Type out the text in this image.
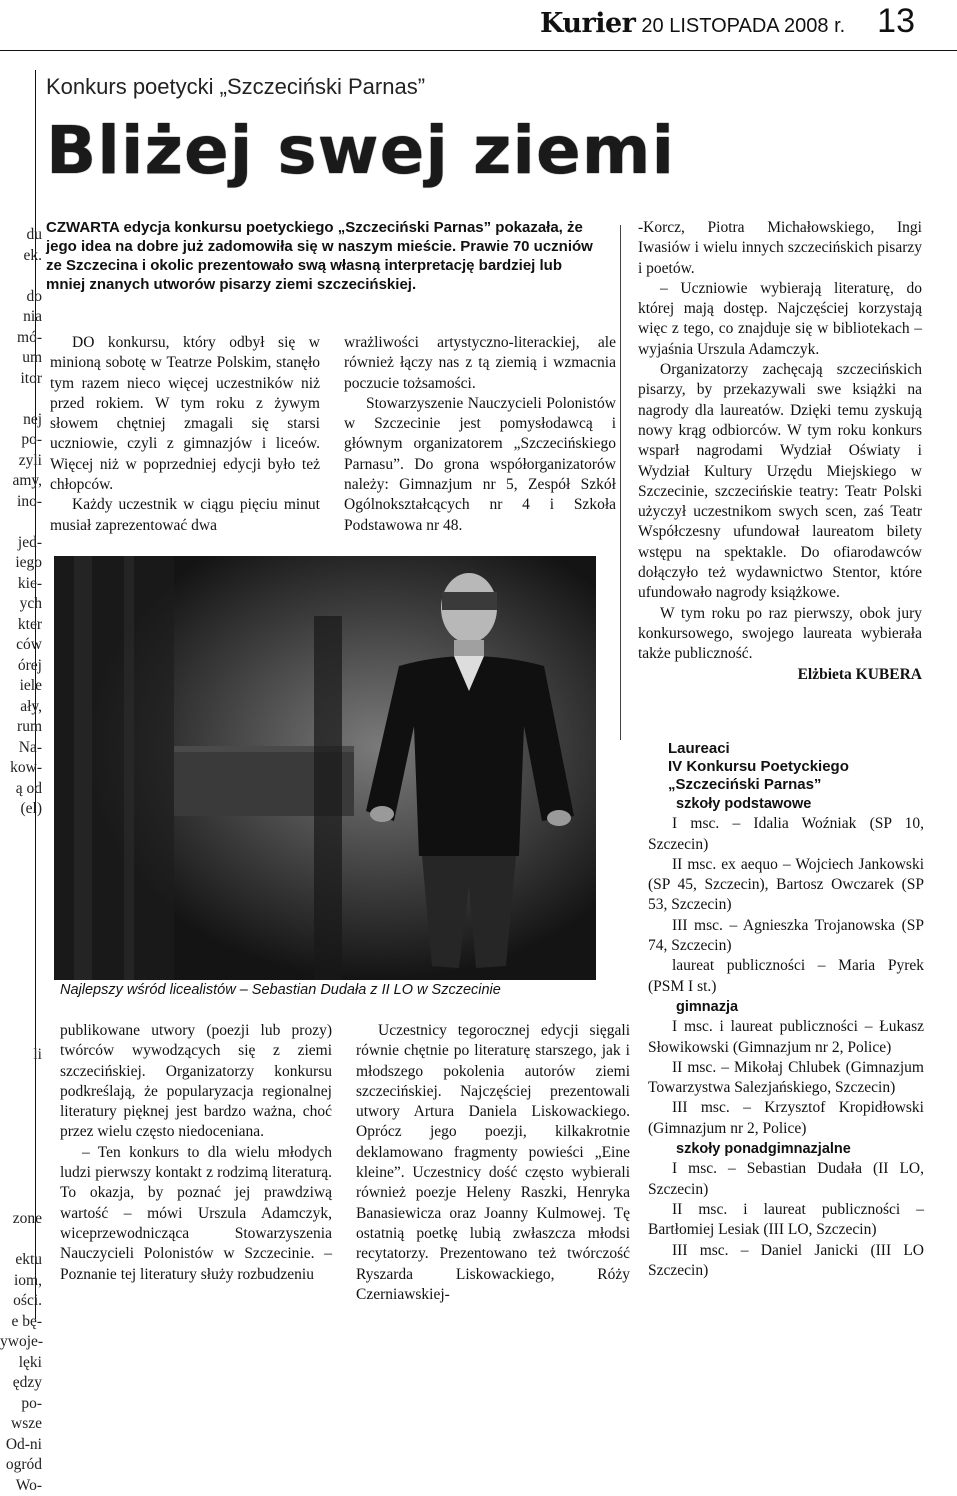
Kurier 20 LISTOPADA 2008 r. 13
du
ek.

do
nia
mó-
um
itor

nej
po-
zyli
amy,
ino-

jed-
iego
kie-
ych
kter
ców
órej
iele
ały,
rum
Na-
kow-
ą od
(el)

li

zone

ektu
iom,
ości.
e bę-
ywoje-
lęki
ędzy
po-
wsze
Od-ni
ogród
Wo-
Konkurs poetycki „Szczeciński Parnas”
Bliżej swej ziemi
CZWARTA edycja konkursu poetyckiego „Szczeciński Parnas” pokazała, że jego idea na dobre już zadomowiła się w naszym mieście. Prawie 70 uczniów ze Szczecina i okolic prezentowało swą własną interpretację bardziej lub mniej znanych utworów pisarzy ziemi szczecińskiej.

DO konkursu, który odbył się w minioną sobotę w Teatrze Polskim, stanęło tym razem nieco więcej uczestników niż przed rokiem. W tym roku z żywym słowem chętniej zmagali się starsi uczniowie, czyli z gimnazjów i liceów. Więcej niż w poprzedniej edycji było też chłopców.

Każdy uczestnik w ciągu pięciu minut musiał zaprezentować dwa

wrażliwości artystyczno-literackiej, ale również łączy nas z tą ziemią i wzmacnia poczucie tożsamości.

Stowarzyszenie Nauczycieli Polonistów w Szczecinie jest pomysłodawcą i głównym organizatorem „Szczecińskiego Parnasu”. Do grona współorganizatorów należy: Gimnazjum nr 5, Zespół Szkół Ogólnokształcących nr 4 i Szkoła Podstawowa nr 48.

Najlepszy wśród licealistów – Sebastian Dudała z II LO w Szczecinie

-Korcz, Piotra Michałowskiego, Ingi Iwasiów i wielu innych szczecińskich pisarzy i poetów.

– Uczniowie wybierają literaturę, do której mają dostęp. Najczęściej korzystają więc z tego, co znajduje się w bibliotekach – wyjaśnia Urszula Adamczyk.

Organizatorzy zachęcają szczecińskich pisarzy, by przekazywali swe książki na nagrody dla laureatów. Dzięki temu zyskują nowy krąg odbiorców. W tym roku konkurs wsparł nagrodami Wydział Oświaty i Wydział Kultury Urzędu Miejskiego w Szczecinie, szczecińskie teatry: Teatr Polski użyczył uczestnikom swych scen, zaś Teatr Współczesny ufundował laureatom bilety wstępu na spektakle. Do ofiarodawców dołączyło też wydawnictwo Stentor, które ufundowało nagrody książkowe.

W tym roku po raz pierwszy, obok jury konkursowego, swojego laureata wybierała także publiczność.

Elżbieta KUBERA

Laureaci
IV Konkursu Poetyckiego
„Szczeciński Parnas”
szkoły podstawowe
I msc. – Idalia Woźniak (SP 10, Szczecin)
II msc. ex aequo – Wojciech Jankowski (SP 45, Szczecin), Bartosz Owczarek (SP 53, Szczecin)
III msc. – Agnieszka Trojanowska (SP 74, Szczecin)
laureat publiczności – Maria Pyrek (PSM I st.)
gimnazja
I msc. i laureat publiczności – Łukasz Słowikowski (Gimnazjum nr 2, Police)
II msc. – Mikołaj Chlubek (Gimnazjum Towarzystwa Salezjańskiego, Szczecin)
III msc. – Krzysztof Kropidłowski (Gimnazjum nr 2, Police)
szkoły ponadgimnazjalne
I msc. – Sebastian Dudała (II LO, Szczecin)
II msc. i laureat publiczności – Bartłomiej Lesiak (III LO, Szczecin)
III msc. – Daniel Janicki (III LO Szczecin)

publikowane utwory (poezji lub prozy) twórców wywodzących się z ziemi szczecińskiej. Organizatorzy konkursu podkreślają, że popularyzacja regionalnej literatury pięknej jest bardzo ważna, choć przez wielu często niedoceniana.

– Ten konkurs to dla wielu młodych ludzi pierwszy kontakt z rodzimą literaturą. To okazja, by poznać jej prawdziwą wartość – mówi Urszula Adamczyk, wiceprzewodnicząca Stowarzyszenia Nauczycieli Polonistów w Szczecinie. – Poznanie tej literatury służy rozbudzeniu

Uczestnicy tegorocznej edycji sięgali równie chętnie po literaturę starszego, jak i młodszego pokolenia autorów ziemi szczecińskiej. Najczęściej prezentowali utwory Artura Daniela Liskowackiego. Oprócz jego poezji, kilkakrotnie deklamowano fragmenty powieści „Eine kleine”. Uczestnicy dość często wybierali również poezje Heleny Raszki, Henryka Banasiewicza oraz Joanny Kulmowej. Tę ostatnią poetkę lubią zwłaszcza młodsi recytatorzy. Prezentowano też twórczość Ryszarda Liskowackiego, Róży Czerniawskiej-
